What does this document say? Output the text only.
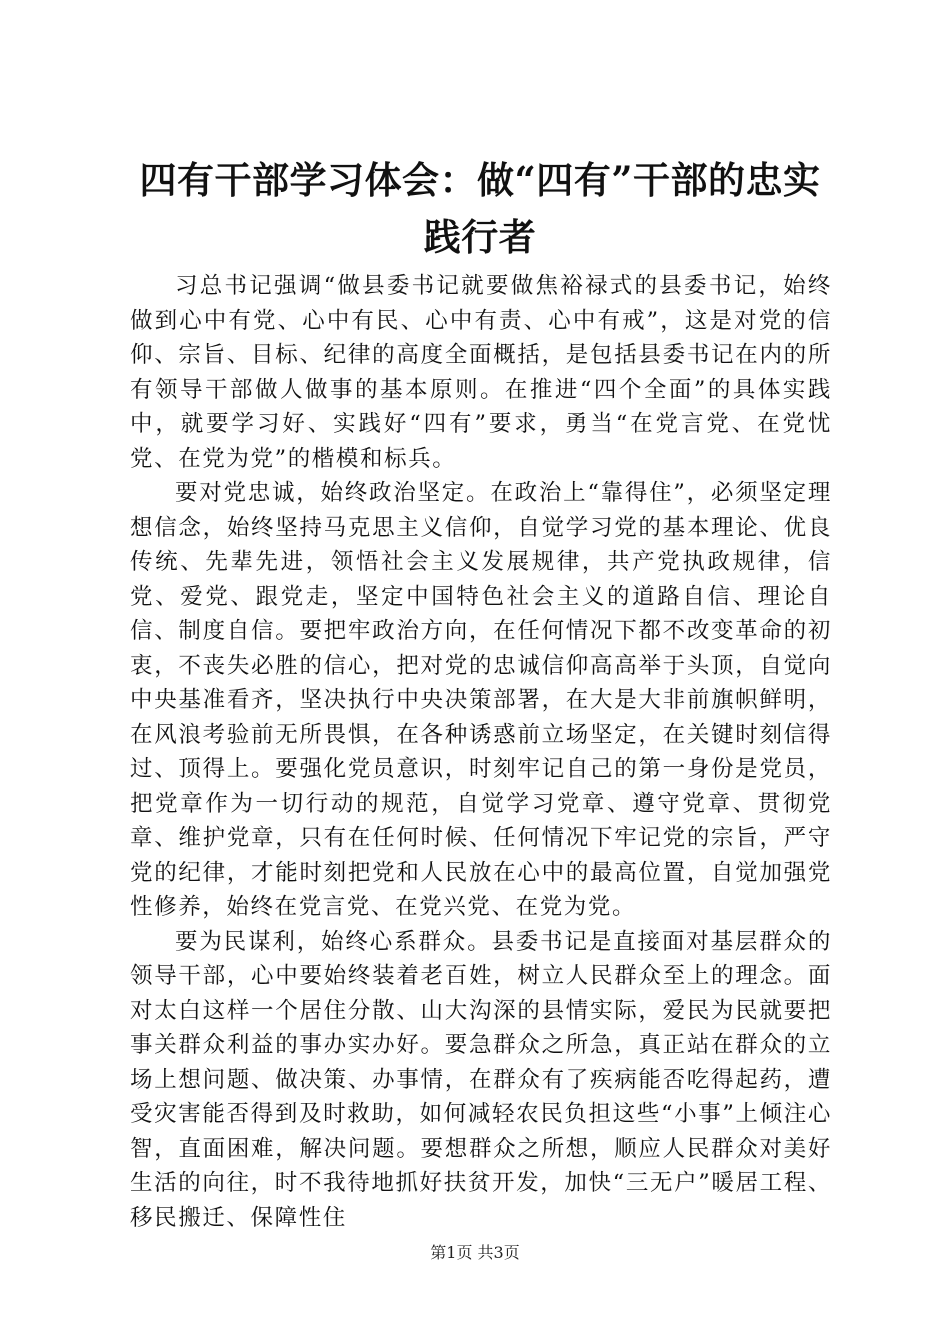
四有干部学习体会：做“四有”干部的忠实践行者

习总书记强调“做县委书记就要做焦裕禄式的县委书记，始终做到心中有党、心中有民、心中有责、心中有戒”，这是对党的信仰、宗旨、目标、纪律的高度全面概括，是包括县委书记在内的所有领导干部做人做事的基本原则。在推进“四个全面”的具体实践中，就要学习好、实践好“四有”要求，勇当“在党言党、在党忧党、在党为党”的楷模和标兵。

要对党忠诚，始终政治坚定。在政治上“靠得住”，必须坚定理想信念，始终坚持马克思主义信仰，自觉学习党的基本理论、优良传统、先辈先进，领悟社会主义发展规律，共产党执政规律，信党、爱党、跟党走，坚定中国特色社会主义的道路自信、理论自信、制度自信。要把牢政治方向，在任何情况下都不改变革命的初衷，不丧失必胜的信心，把对党的忠诚信仰高高举于头顶，自觉向中央基准看齐，坚决执行中央决策部署，在大是大非前旗帜鲜明，在风浪考验前无所畏惧，在各种诱惑前立场坚定，在关键时刻信得过、顶得上。要强化党员意识，时刻牢记自己的第一身份是党员，把党章作为一切行动的规范，自觉学习党章、遵守党章、贯彻党章、维护党章，只有在任何时候、任何情况下牢记党的宗旨，严守党的纪律，才能时刻把党和人民放在心中的最高位置，自觉加强党性修养，始终在党言党、在党兴党、在党为党。

要为民谋利，始终心系群众。县委书记是直接面对基层群众的领导干部，心中要始终装着老百姓，树立人民群众至上的理念。面对太白这样一个居住分散、山大沟深的县情实际，爱民为民就要把事关群众利益的事办实办好。要急群众之所急，真正站在群众的立场上想问题、做决策、办事情，在群众有了疾病能否吃得起药，遭受灾害能否得到及时救助，如何减轻农民负担这些“小事”上倾注心智，直面困难，解决问题。要想群众之所想，顺应人民群众对美好生活的向往，时不我待地抓好扶贫开发，加快“三无户”暖居工程、移民搬迁、保障性住

第1页 共3页
